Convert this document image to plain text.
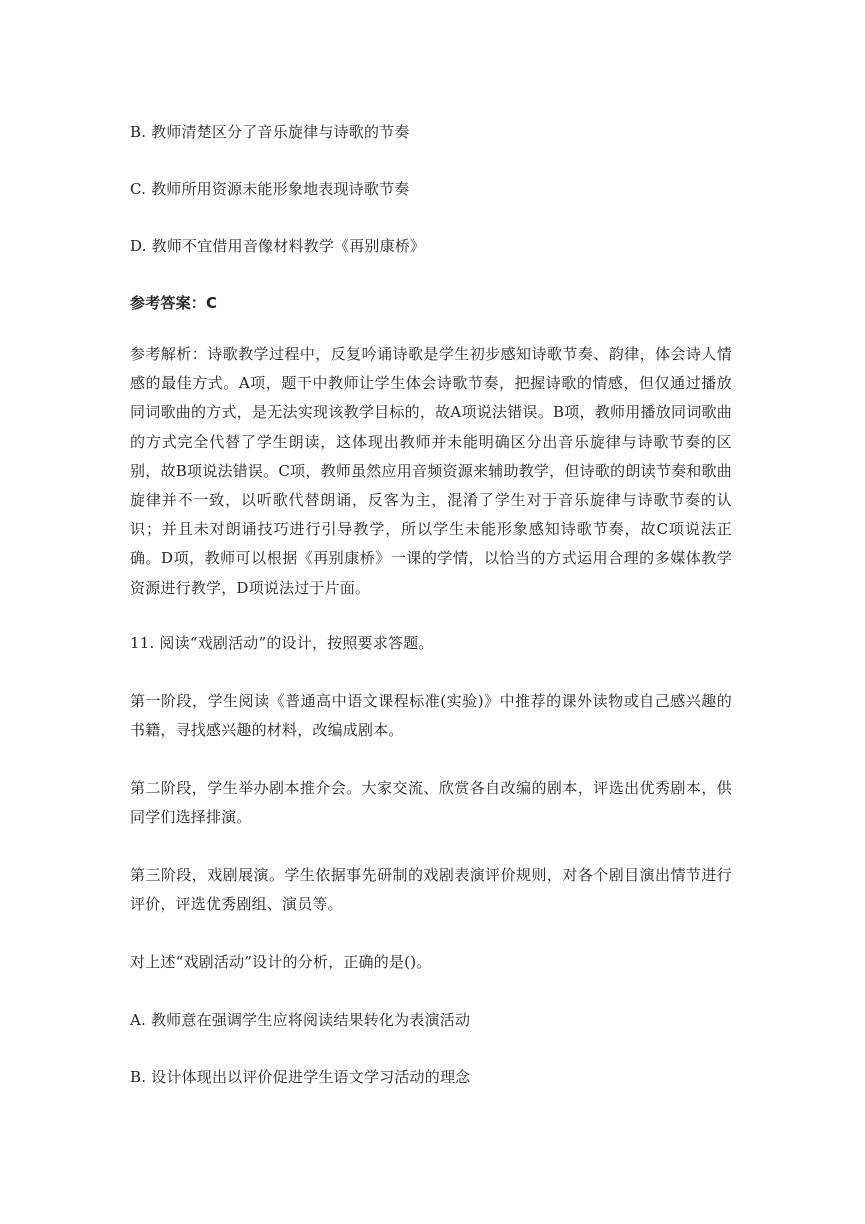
B. 教师清楚区分了音乐旋律与诗歌的节奏

C. 教师所用资源未能形象地表现诗歌节奏

D. 教师不宜借用音像材料教学《再别康桥》

参考答案：C

参考解析：诗歌教学过程中，反复吟诵诗歌是学生初步感知诗歌节奏、韵律，体会诗人情感的最佳方式。A项，题干中教师让学生体会诗歌节奏，把握诗歌的情感，但仅通过播放同词歌曲的方式，是无法实现该教学目标的，故A项说法错误。B项，教师用播放同词歌曲的方式完全代替了学生朗读，这体现出教师并未能明确区分出音乐旋律与诗歌节奏的区别，故B项说法错误。C项，教师虽然应用音频资源来辅助教学，但诗歌的朗读节奏和歌曲旋律并不一致，以听歌代替朗诵，反客为主，混淆了学生对于音乐旋律与诗歌节奏的认识；并且未对朗诵技巧进行引导教学，所以学生未能形象感知诗歌节奏，故C项说法正确。D项，教师可以根据《再别康桥》一课的学情，以恰当的方式运用合理的多媒体教学资源进行教学，D项说法过于片面。

11. 阅读“戏剧活动”的设计，按照要求答题。

第一阶段，学生阅读《普通高中语文课程标准(实验)》中推荐的课外读物或自己感兴趣的书籍，寻找感兴趣的材料，改编成剧本。

第二阶段，学生举办剧本推介会。大家交流、欣赏各自改编的剧本，评选出优秀剧本，供同学们选择排演。

第三阶段，戏剧展演。学生依据事先研制的戏剧表演评价规则，对各个剧目演出情节进行评价，评选优秀剧组、演员等。

对上述“戏剧活动”设计的分析，正确的是()。

A. 教师意在强调学生应将阅读结果转化为表演活动

B. 设计体现出以评价促进学生语文学习活动的理念
